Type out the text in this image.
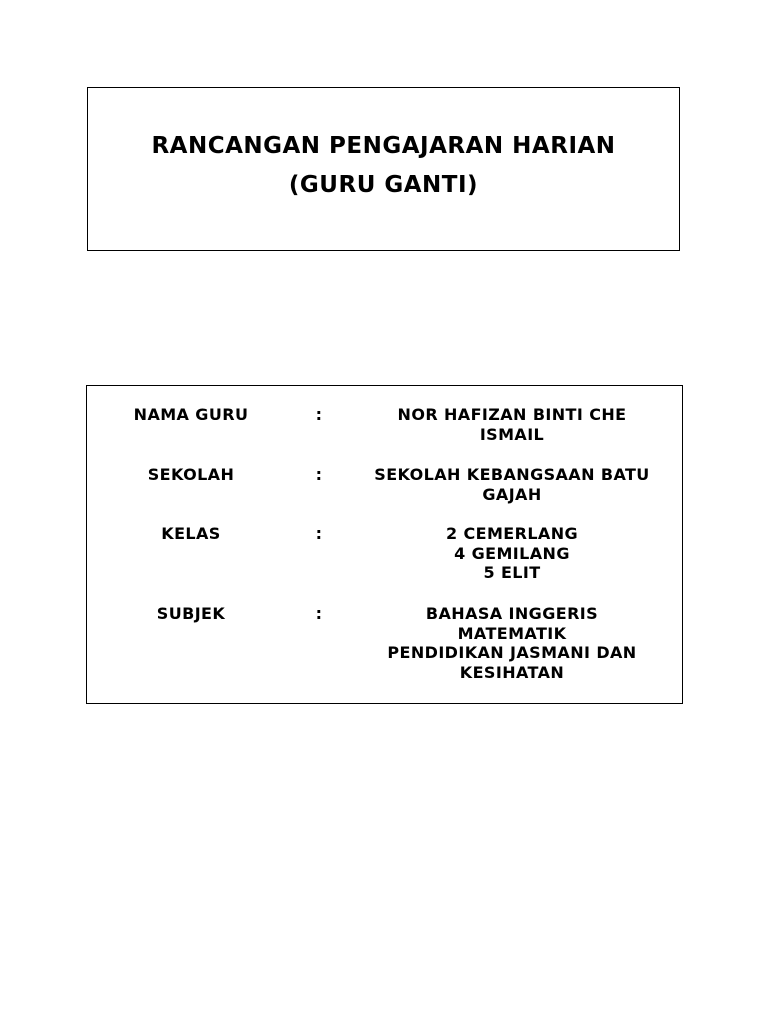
RANCANGAN PENGAJARAN HARIAN
(GURU GANTI)
NAMA GURU	:	NOR HAFIZAN BINTI CHE
ISMAIL
SEKOLAH	:	SEKOLAH KEBANGSAAN BATU
GAJAH
KELAS	:	2 CEMERLANG
4 GEMILANG
5 ELIT
SUBJEK	:	BAHASA INGGERIS
MATEMATIK
PENDIDIKAN JASMANI DAN
KESIHATAN
